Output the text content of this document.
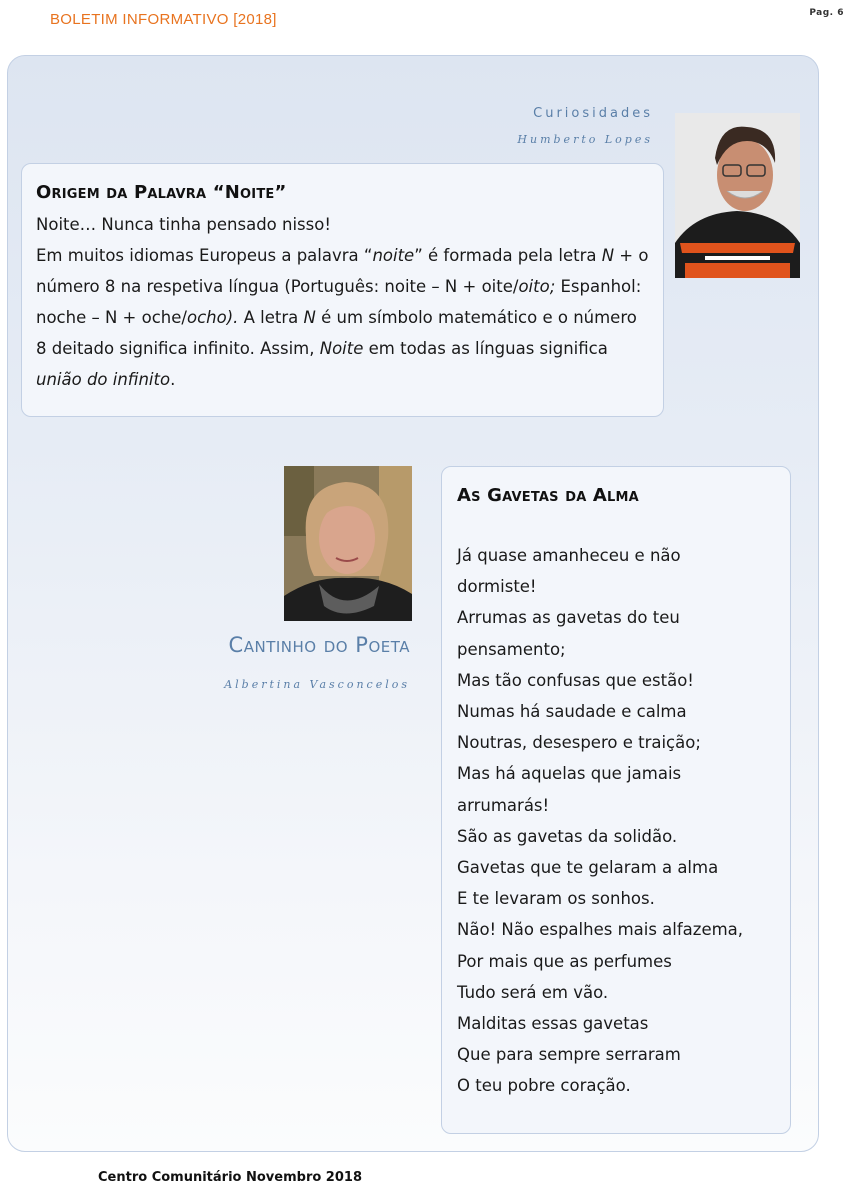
BOLETIM INFORMATIVO [2018]	Pag. 6
Curiosidades
Humberto Lopes
Origem da Palavra “Noite”

Noite… Nunca tinha pensado nisso!

Em muitos idiomas Europeus a palavra “noite” é formada pela letra N + o número 8 na respetiva língua (Português: noite – N + oite/oito; Espanhol: noche – N + oche/ocho). A letra N é um símbolo matemático e o número 8 deitado significa infinito. Assim, Noite em todas as línguas significa união do infinito.

Cantinho do Poeta
Albertina Vasconcelos
As Gavetas da Alma
Já quase amanheceu e não
dormiste!
Arrumas as gavetas do teu
pensamento;
Mas tão confusas que estão!
Numas há saudade e calma
Noutras, desespero e traição;
Mas há aquelas que jamais
arrumarás!
São as gavetas da solidão.
Gavetas que te gelaram a alma
E te levaram os sonhos.
Não! Não espalhes mais alfazema,
Por mais que as perfumes
Tudo será em vão.
Malditas essas gavetas
Que para sempre serraram
O teu pobre coração.
Centro Comunitário Novembro 2018
